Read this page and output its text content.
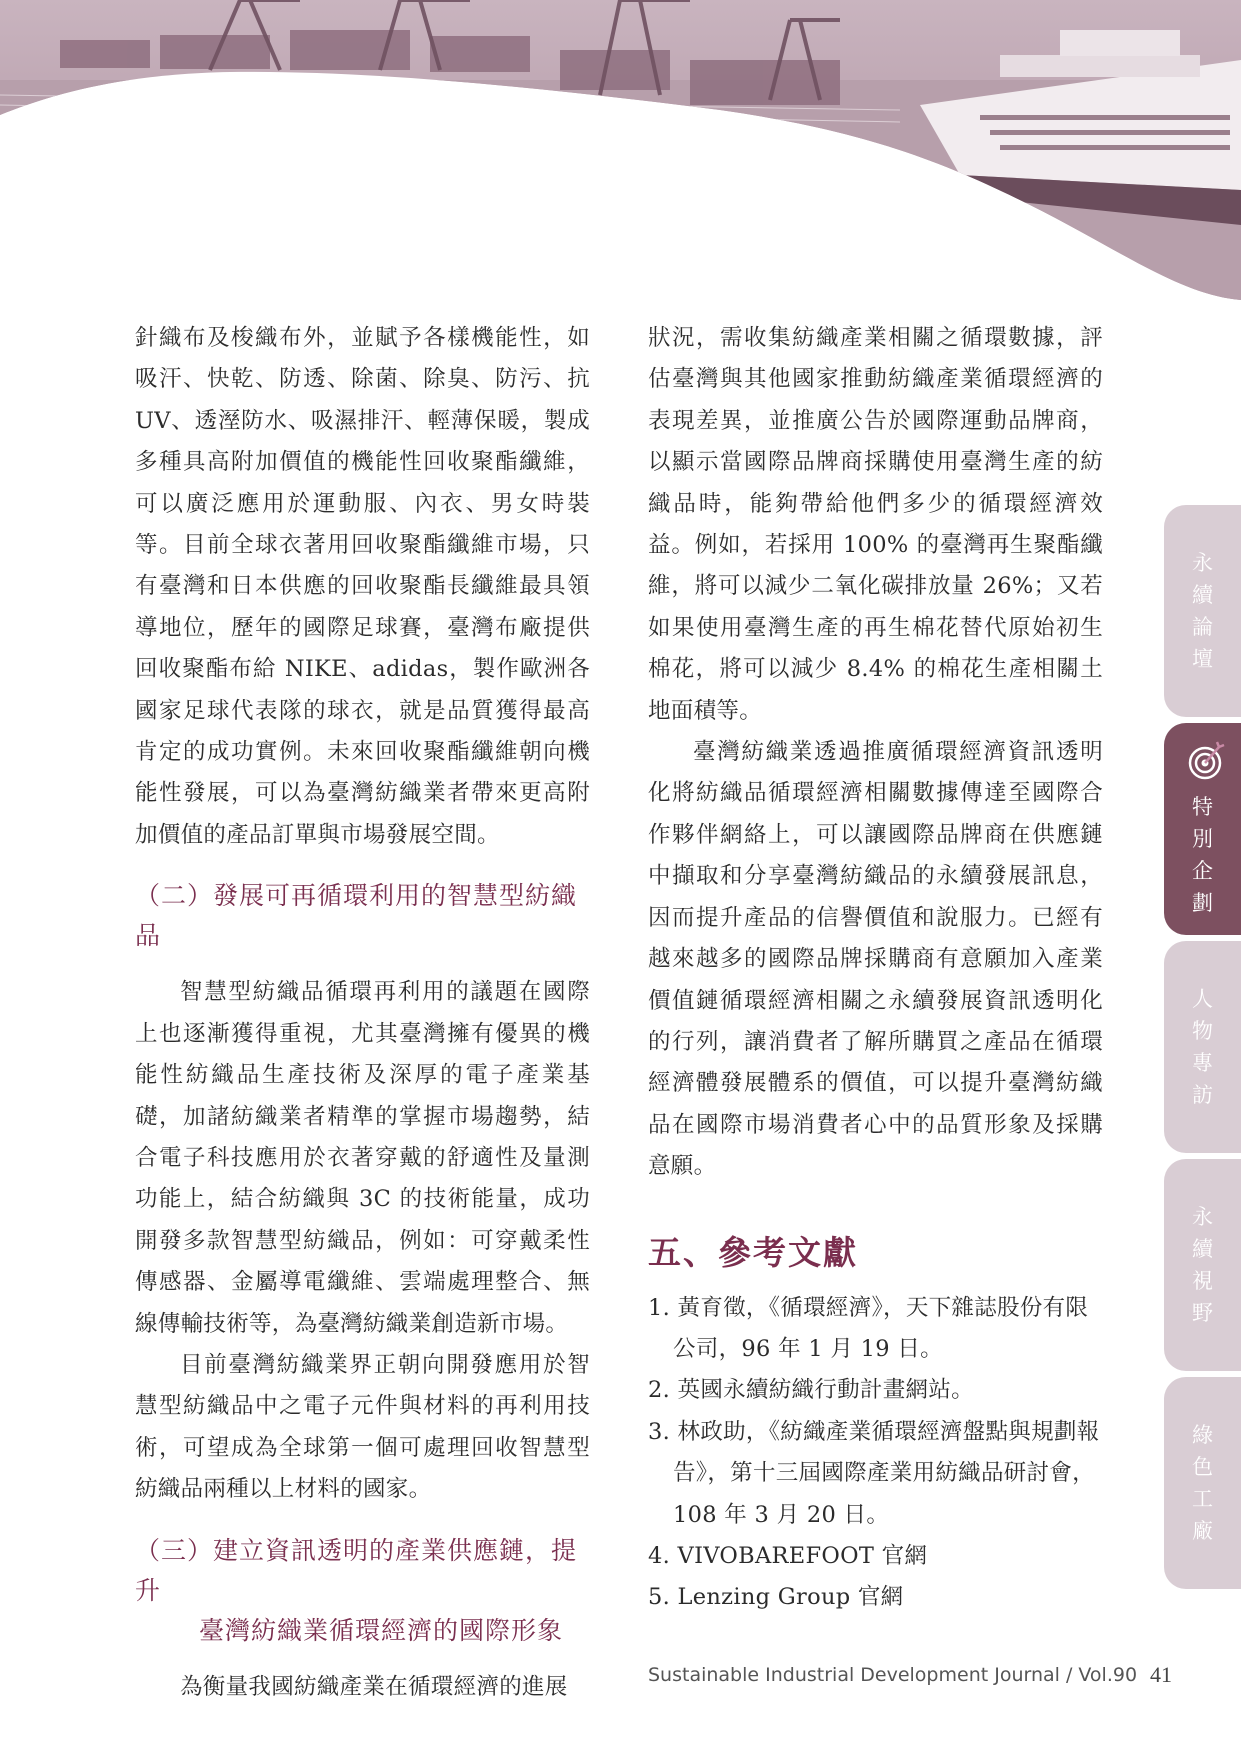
針織布及梭織布外，並賦予各樣機能性，如吸汗、快乾、防透、除菌、除臭、防污、抗UV、透溼防水、吸濕排汗、輕薄保暖，製成多種具高附加價值的機能性回收聚酯纖維，可以廣泛應用於運動服、內衣、男女時裝等。目前全球衣著用回收聚酯纖維市場，只有臺灣和日本供應的回收聚酯長纖維最具領導地位，歷年的國際足球賽，臺灣布廠提供回收聚酯布給 NIKE、adidas，製作歐洲各國家足球代表隊的球衣，就是品質獲得最高肯定的成功實例。未來回收聚酯纖維朝向機能性發展，可以為臺灣紡織業者帶來更高附加價值的產品訂單與市場發展空間。

（二）發展可再循環利用的智慧型紡織品

智慧型紡織品循環再利用的議題在國際上也逐漸獲得重視，尤其臺灣擁有優異的機能性紡織品生產技術及深厚的電子產業基礎，加諸紡織業者精準的掌握市場趨勢，結合電子科技應用於衣著穿戴的舒適性及量測功能上，結合紡織與 3C 的技術能量，成功開發多款智慧型紡織品，例如：可穿戴柔性傳感器、金屬導電纖維、雲端處理整合、無線傳輸技術等，為臺灣紡織業創造新市場。

目前臺灣紡織業界正朝向開發應用於智慧型紡織品中之電子元件與材料的再利用技術，可望成為全球第一個可處理回收智慧型紡織品兩種以上材料的國家。

（三）建立資訊透明的產業供應鏈，提升
臺灣紡織業循環經濟的國際形象

為衡量我國紡織產業在循環經濟的進展

狀況，需收集紡織產業相關之循環數據，評估臺灣與其他國家推動紡織產業循環經濟的表現差異，並推廣公告於國際運動品牌商，以顯示當國際品牌商採購使用臺灣生產的紡織品時，能夠帶給他們多少的循環經濟效益。例如，若採用 100% 的臺灣再生聚酯纖維，將可以減少二氧化碳排放量 26%；又若如果使用臺灣生產的再生棉花替代原始初生棉花，將可以減少 8.4% 的棉花生產相關土地面積等。

臺灣紡織業透過推廣循環經濟資訊透明化將紡織品循環經濟相關數據傳達至國際合作夥伴網絡上，可以讓國際品牌商在供應鏈中擷取和分享臺灣紡織品的永續發展訊息，因而提升產品的信譽價值和說服力。已經有越來越多的國際品牌採購商有意願加入產業價值鏈循環經濟相關之永續發展資訊透明化的行列，讓消費者了解所購買之產品在循環經濟體發展體系的價值，可以提升臺灣紡織品在國際市場消費者心中的品質形象及採購意願。

五、參考文獻
1. 黃育徵，《循環經濟》，天下雜誌股份有限公司，96 年 1 月 19 日。
2. 英國永續紡織行動計畫網站。
3. 林政助，《紡織產業循環經濟盤點與規劃報告》，第十三屆國際產業用紡織品研討會，108 年 3 月 20 日。
4. VIVOBAREFOOT 官網
5. Lenzing Group 官網
永
續
論
壇
特
別
企
劃
人
物
專
訪
永
續
視
野
綠
色
工
廠
Sustainable Industrial Development Journal / Vol.90 41
